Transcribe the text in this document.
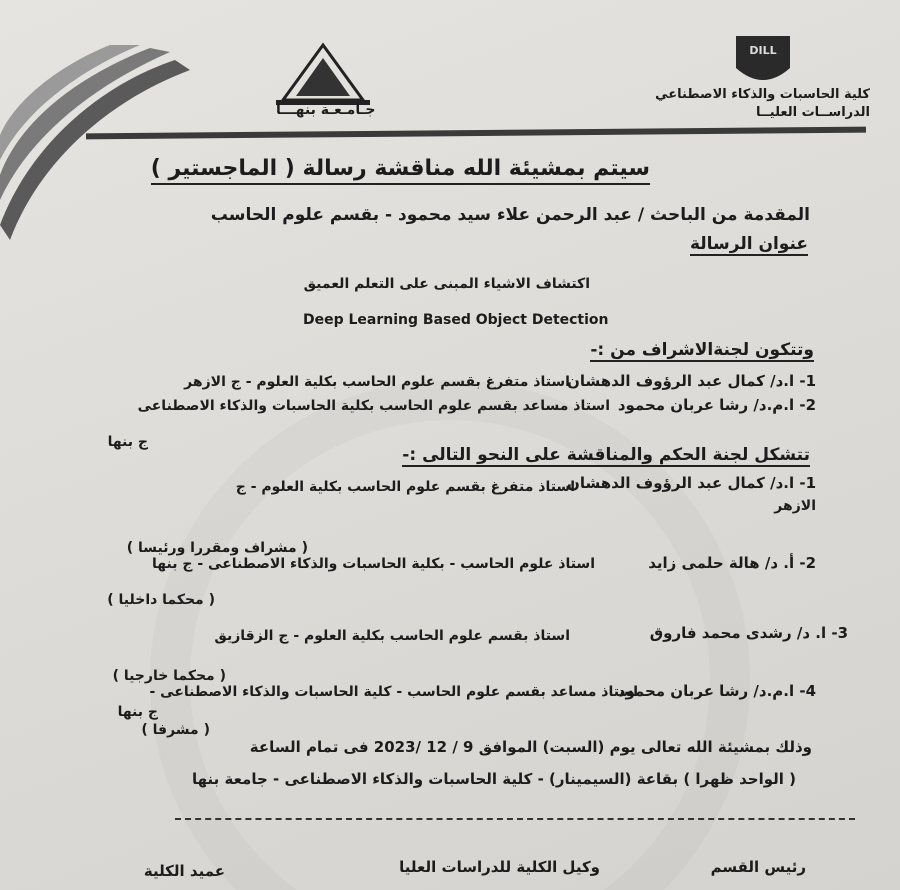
جـامـعـة بنهـــا
DILL
كلية الحاسبات والذكاء الاصطناعي
الدراســات العليــا
سيتم بمشيئة الله مناقشة رسالة ( الماجستير )
المقدمة من الباحث / عبد الرحمن علاء سيد محمود - بقسم علوم الحاسب
عنوان الرسالة
اكتشاف الاشياء المبنى على التعلم العميق
Deep Learning Based Object Detection
وتتكون لجنةالاشراف من :-
1- ا.د/ كمال عبد الرؤوف الدهشان
استاذ متفرغ بقسم علوم الحاسب بكلية العلوم - ج الازهر
2- ا.م.د/ رشا عربان محمود
استاذ مساعد بقسم علوم الحاسب بكلية الحاسبات والذكاء الاصطناعى
ج بنها
تتشكل لجنة الحكم والمناقشة على النحو التالى :-
1- ا.د/ كمال عبد الرؤوف الدهشان
استاذ متفرغ بقسم علوم الحاسب بكلية العلوم - ج
الازهر
( مشراف ومقررا ورئيسا )
2- أ. د/ هالة حلمى زايد
استاذ علوم الحاسب - بكلية الحاسبات والذكاء الاصطناعى - ج بنها
( محكما داخليا )
3- ا. د/ رشدى محمد فاروق
استاذ بقسم علوم الحاسب بكلية العلوم - ج الزقازيق
( محكما خارجيا )
4- ا.م.د/ رشا عربان محمود
استاذ مساعد بقسم علوم الحاسب - كلية الحاسبات والذكاء الاصطناعى -
ج بنها
( مشرفا )
وذلك بمشيئة الله تعالى يوم (السبت) الموافق 9 / 12 /2023 فى تمام الساعة
( الواحد ظهرا ) بقاعة (السيمينار) - كلية الحاسبات والذكاء الاصطناعى - جامعة بنها
رئيس القسم
وكيل الكلية للدراسات العليا
عميد الكلية
